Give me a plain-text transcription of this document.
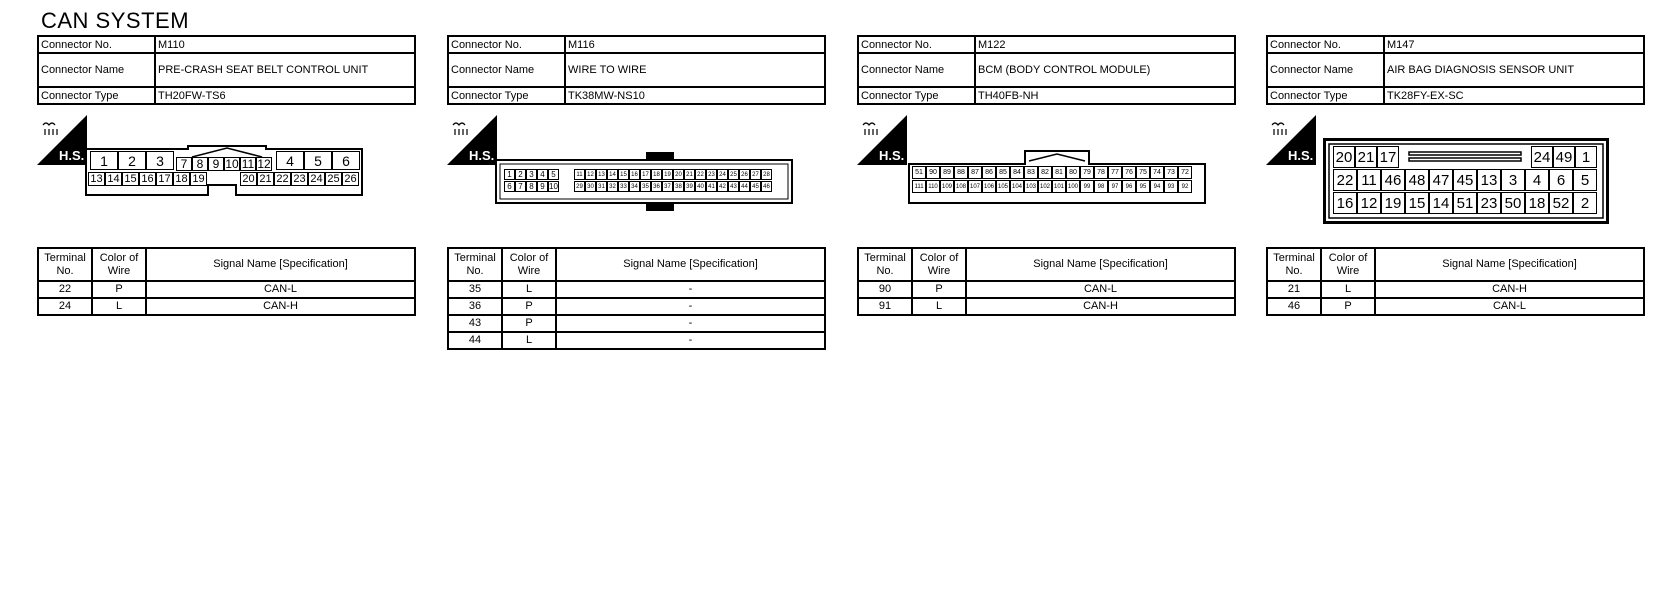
CAN SYSTEM
Connector No.	M110
Connector Name	PRE-CRASH SEAT BELT CONTROL UNIT
Connector Type	TH20FW-TS6
H.S.	1	2	3	4	5	6
7 8 9 10 11 12
13 14 15 16 17 18 19	20 21 22 23 24 25 26
Terminal No.	Color of Wire	Signal Name [Specification]
22	P	CAN-L
24	L	CAN-H
Connector No.	M116
Connector Name	WIRE TO WIRE
Connector Type	TK38MW-NS10
H.S.
1 2 3 4 5
6 7 8 9 10
11 12 13 14 15 16 17 18 19 20 21 22 23 24 25 26 27 28
29 30 31 32 33 34 35 36 37 38 39 40 41 42 43 44 45 46
Terminal No.	Color of Wire	Signal Name [Specification]
35	L	-
36	P	-
43	P	-
44	L	-
Connector No.	M122
Connector Name	BCM (BODY CONTROL MODULE)
Connector Type	TH40FB-NH
H.S.
51 90 89 88 87 86 85 84 83 82 81 80 79 78 77 76 75 74 73 72
111 110 109 108 107 106 105 104 103 102 101 100 99	98	97	96	95	94	93	92
Terminal No.	Color of Wire	Signal Name [Specification]
90	P	CAN-L
91	L	CAN-H
Connector No.	M147
Connector Name	AIR BAG DIAGNOSIS SENSOR UNIT
Connector Type	TK28FY-EX-SC
H.S. 20 21 17	24 49 1
22 11 46 48 47 45 13 3	4	6	5
16 12 19 15 14 51 23 50 18 52 2
Terminal No.	Color of Wire	Signal Name [Specification]
21	L	CAN-H
46	P	CAN-L
